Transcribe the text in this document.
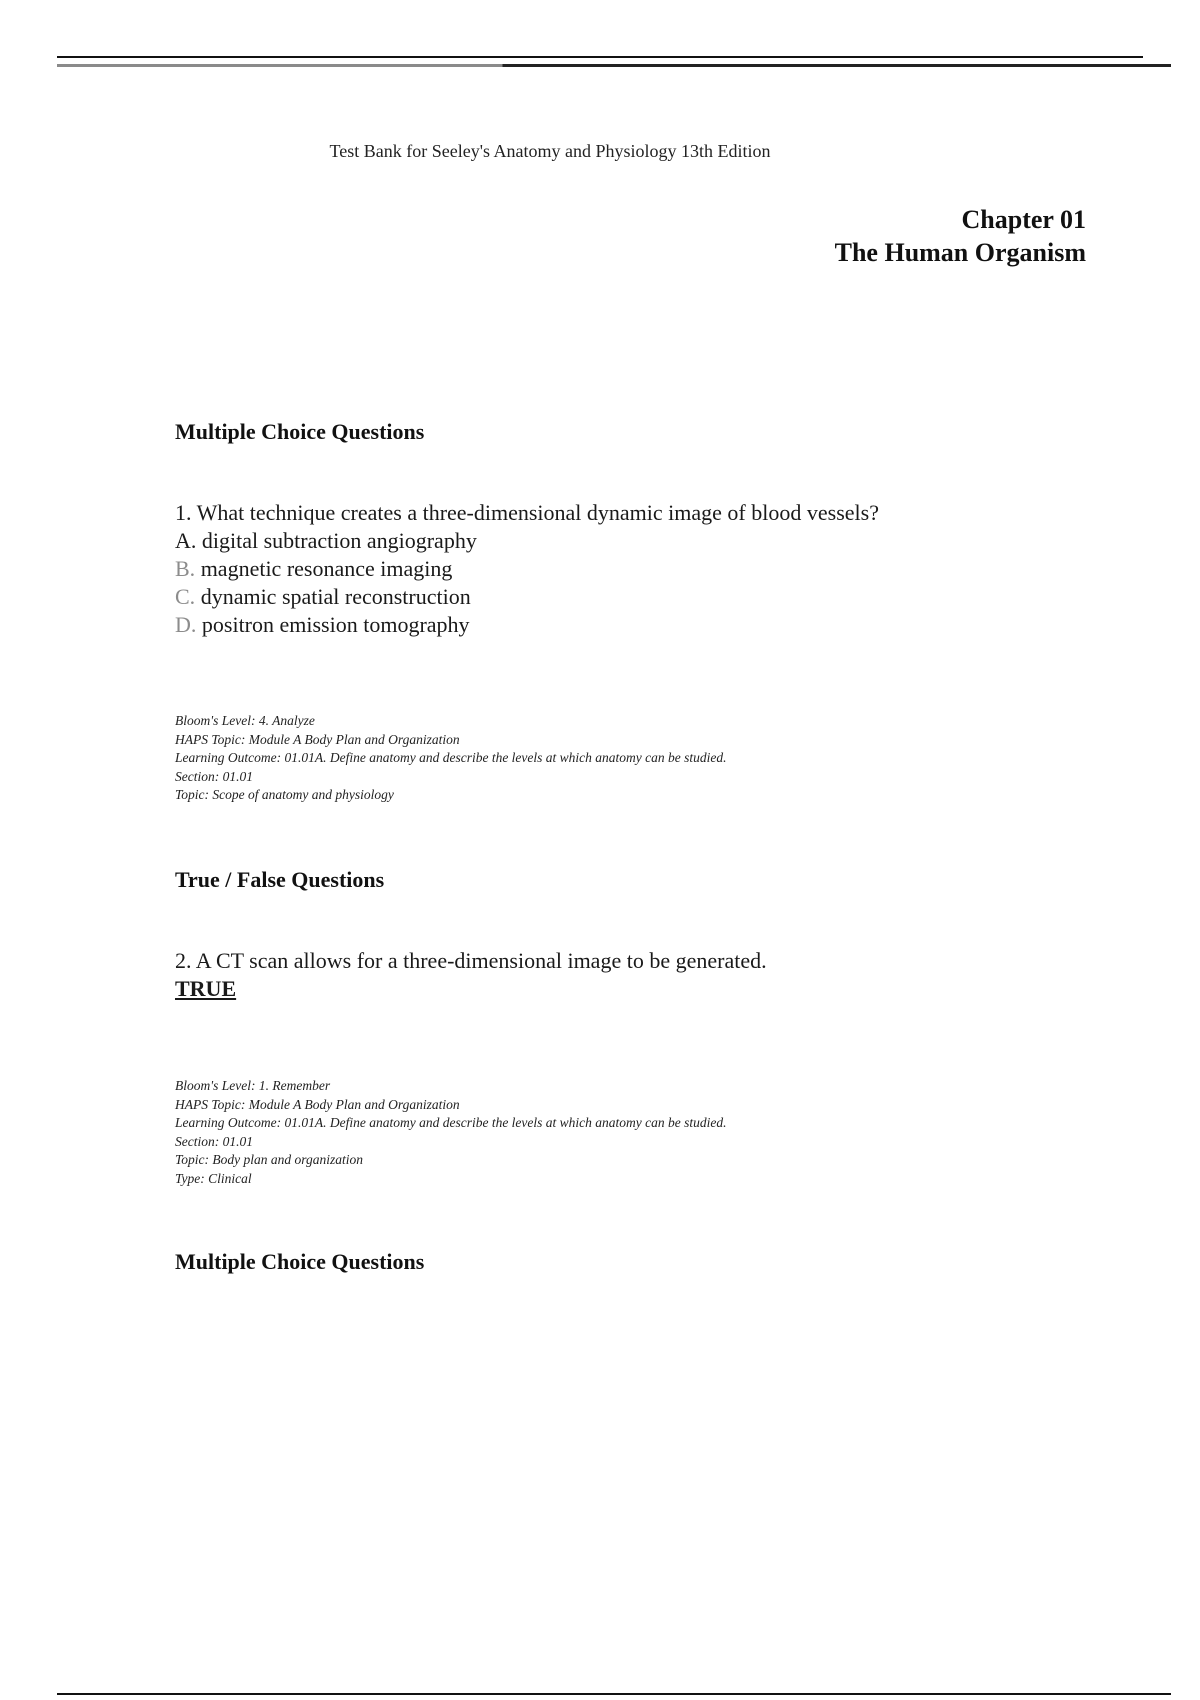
Test Bank for Seeley's Anatomy and Physiology 13th Edition
Chapter 01
The Human Organism
Multiple Choice Questions
1. What technique creates a three-dimensional dynamic image of blood vessels?
A. digital subtraction angiography
B. magnetic resonance imaging
C. dynamic spatial reconstruction
D. positron emission tomography
Bloom's Level: 4. Analyze
HAPS Topic: Module A Body Plan and Organization
Learning Outcome: 01.01A. Define anatomy and describe the levels at which anatomy can be studied.
Section: 01.01
Topic: Scope of anatomy and physiology
True / False Questions
2. A CT scan allows for a three-dimensional image to be generated.
TRUE
Bloom's Level: 1. Remember
HAPS Topic: Module A Body Plan and Organization
Learning Outcome: 01.01A. Define anatomy and describe the levels at which anatomy can be studied.
Section: 01.01
Topic: Body plan and organization
Type: Clinical
Multiple Choice Questions
